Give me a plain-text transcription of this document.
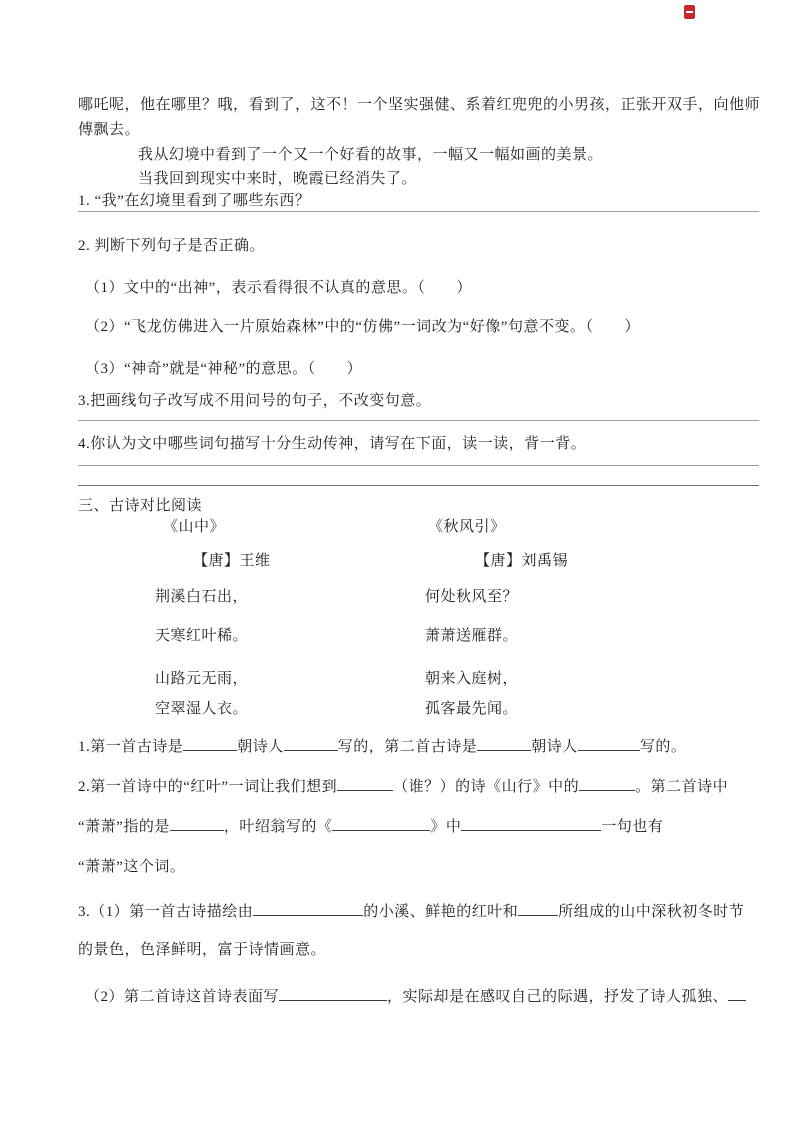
哪吒呢，他在哪里？哦，看到了，这不！一个坚实强健、系着红兜兜的小男孩，正张开双手，向他师
傅飘去。
我从幻境中看到了一个又一个好看的故事，一幅又一幅如画的美景。
当我回到现实中来时，晚霞已经消失了。
1. “我”在幻境里看到了哪些东西？
2. 判断下列句子是否正确。
（1）文中的“出神”，表示看得很不认真的意思。（　　）
（2）“飞龙仿佛进入一片原始森林”中的“仿佛”一词改为“好像”句意不变。（　　）
（3）“神奇”就是“神秘”的意思。（　　）
3.把画线句子改写成不用问号的句子，不改变句意。
4.你认为文中哪些词句描写十分生动传神，请写在下面，读一读，背一背。
三、古诗对比阅读
《山中》	《秋风引》
【唐】王维	【唐】刘禹锡
荆溪白石出，
天寒红叶稀。
山路元无雨，
空翠湿人衣。
何处秋风至？
萧萧送雁群。
朝来入庭树，
孤客最先闻。
1.第一首古诗是	朝诗人	写的，第二首古诗是	朝诗人	写的。
2.第一首诗中的“红叶”一词让我们想到	（谁？）的诗《山行》中的	。第二首诗中
“萧萧”指的是	，叶绍翁写的《	》中	一句也有
“萧萧”这个词。
3.（1）第一首古诗描绘由	的小溪、鲜艳的红叶和	所组成的山中深秋初冬时节
的景色，色泽鲜明，富于诗情画意。
（2）第二首诗这首诗表面写	，实际却是在感叹自己的际遇，抒发了诗人孤独、
